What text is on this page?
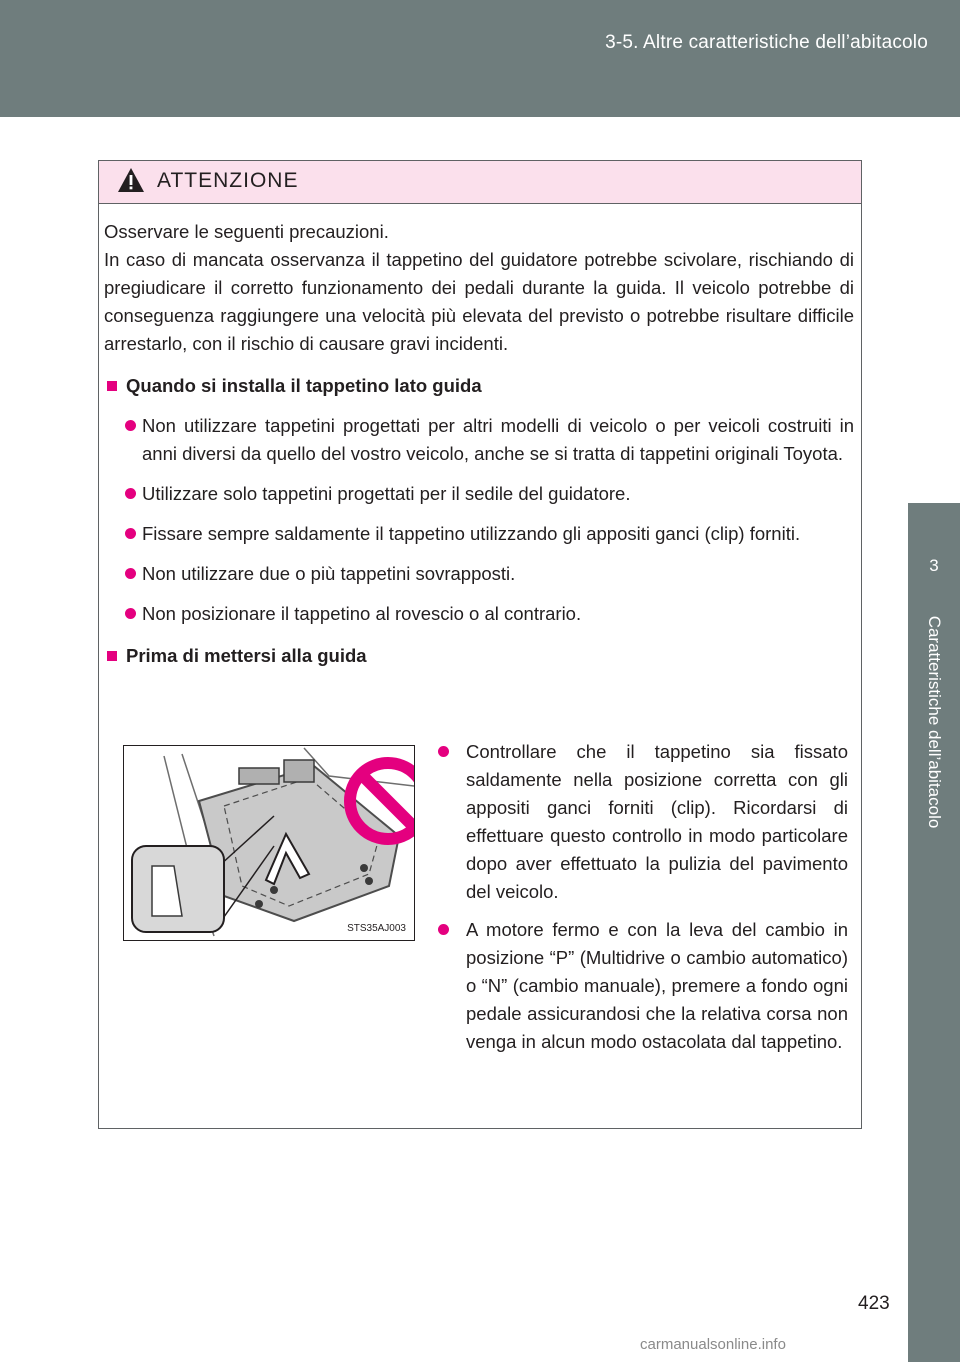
3-5. Altre caratteristiche dell’abitacolo
3
Caratteristiche dell’abitacolo
ATTENZIONE

Osservare le seguenti precauzioni.

In caso di mancata osservanza il tappetino del guidatore potrebbe scivolare, rischiando di pregiudicare il corretto funzionamento dei pedali durante la guida. Il veicolo potrebbe di conseguenza raggiungere una velocità più elevata del previsto o potrebbe risultare difficile arrestarlo, con il rischio di causare gravi incidenti.

Quando si installa il tappetino lato guida

Non utilizzare tappetini progettati per altri modelli di veicolo o per veicoli costruiti in anni diversi da quello del vostro veicolo, anche se si tratta di tappetini originali Toyota.

Utilizzare solo tappetini progettati per il sedile del guidatore.

Fissare sempre saldamente il tappetino utilizzando gli appositi ganci (clip) forniti.

Non utilizzare due o più tappetini sovrapposti.

Non posizionare il tappetino al rovescio o al contrario.

Prima di mettersi alla guida

STS35AJ003

Controllare che il tappetino sia fissato saldamente nella posizione corretta con gli appositi ganci forniti (clip). Ricordarsi di effettuare questo controllo in modo particolare dopo aver effettuato la pulizia del pavimento del veicolo.

A motore fermo e con la leva del cambio in posizione “P” (Multidrive o cambio automatico) o “N” (cambio manuale), premere a fondo ogni pedale assicurandosi che la relativa corsa non venga in alcun modo ostacolata dal tappetino.

423
carmanualsonline.info
